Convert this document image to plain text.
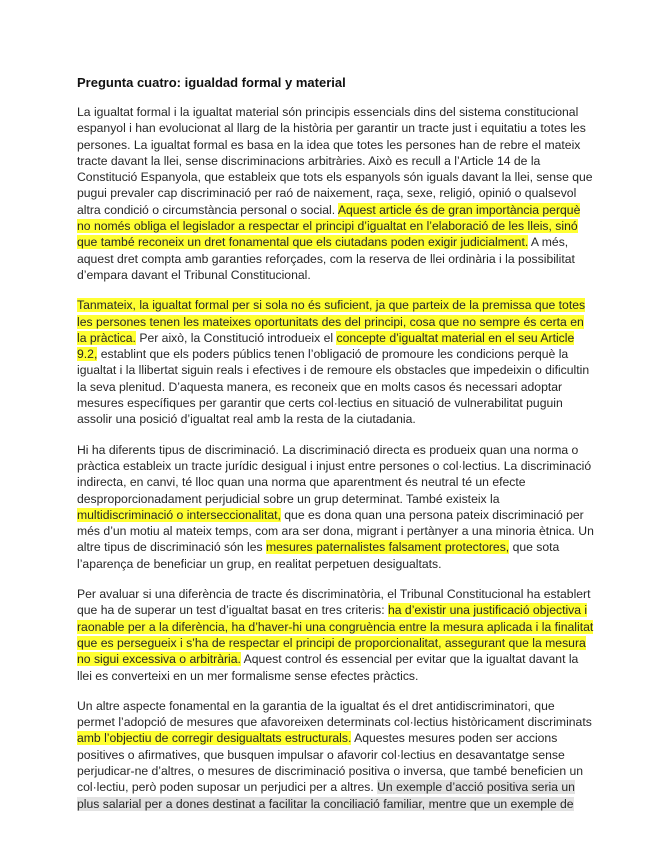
Pregunta cuatro: igualdad formal y material

La igualtat formal i la igualtat material són principis essencials dins del sistema constitucional espanyol i han evolucionat al llarg de la història per garantir un tracte just i equitatiu a totes les persones. La igualtat formal es basa en la idea que totes les persones han de rebre el mateix tracte davant la llei, sense discriminacions arbitràries. Això es recull a l’Article 14 de la Constitució Espanyola, que estableix que tots els espanyols són iguals davant la llei, sense que pugui prevaler cap discriminació per raó de naixement, raça, sexe, religió, opinió o qualsevol altra condició o circumstància personal o social. Aquest article és de gran importància perquè no només obliga el legislador a respectar el principi d’igualtat en l’elaboració de les lleis, sinó que també reconeix un dret fonamental que els ciutadans poden exigir judicialment. A més, aquest dret compta amb garanties reforçades, com la reserva de llei ordinària i la possibilitat d’empara davant el Tribunal Constitucional.

Tanmateix, la igualtat formal per si sola no és suficient, ja que parteix de la premissa que totes les persones tenen les mateixes oportunitats des del principi, cosa que no sempre és certa en la pràctica. Per això, la Constitució introdueix el concepte d’igualtat material en el seu Article 9.2, establint que els poders públics tenen l’obligació de promoure les condicions perquè la igualtat i la llibertat siguin reals i efectives i de remoure els obstacles que impedeixin o dificultin la seva plenitud. D’aquesta manera, es reconeix que en molts casos és necessari adoptar mesures específiques per garantir que certs col·lectius en situació de vulnerabilitat puguin assolir una posició d’igualtat real amb la resta de la ciutadania.

Hi ha diferents tipus de discriminació. La discriminació directa es produeix quan una norma o pràctica estableix un tracte jurídic desigual i injust entre persones o col·lectius. La discriminació indirecta, en canvi, té lloc quan una norma que aparentment és neutral té un efecte desproporcionadament perjudicial sobre un grup determinat. També existeix la multidiscriminació o interseccionalitat, que es dona quan una persona pateix discriminació per més d’un motiu al mateix temps, com ara ser dona, migrant i pertànyer a una minoria ètnica. Un altre tipus de discriminació són les mesures paternalistes falsament protectores, que sota l’aparença de beneficiar un grup, en realitat perpetuen desigualtats.

Per avaluar si una diferència de tracte és discriminatòria, el Tribunal Constitucional ha establert que ha de superar un test d’igualtat basat en tres criteris: ha d’existir una justificació objectiva i raonable per a la diferència, ha d’haver-hi una congruència entre la mesura aplicada i la finalitat que es persegueix i s’ha de respectar el principi de proporcionalitat, assegurant que la mesura no sigui excessiva o arbitrària. Aquest control és essencial per evitar que la igualtat davant la llei es converteixi en un mer formalisme sense efectes pràctics.

Un altre aspecte fonamental en la garantia de la igualtat és el dret antidiscriminatori, que permet l’adopció de mesures que afavoreixen determinats col·lectius històricament discriminats amb l’objectiu de corregir desigualtats estructurals. Aquestes mesures poden ser accions positives o afirmatives, que busquen impulsar o afavorir col·lectius en desavantatge sense perjudicar-ne d’altres, o mesures de discriminació positiva o inversa, que també beneficien un col·lectiu, però poden suposar un perjudici per a altres. Un exemple d’acció positiva seria un plus salarial per a dones destinat a facilitar la conciliació familiar, mentre que un exemple de
